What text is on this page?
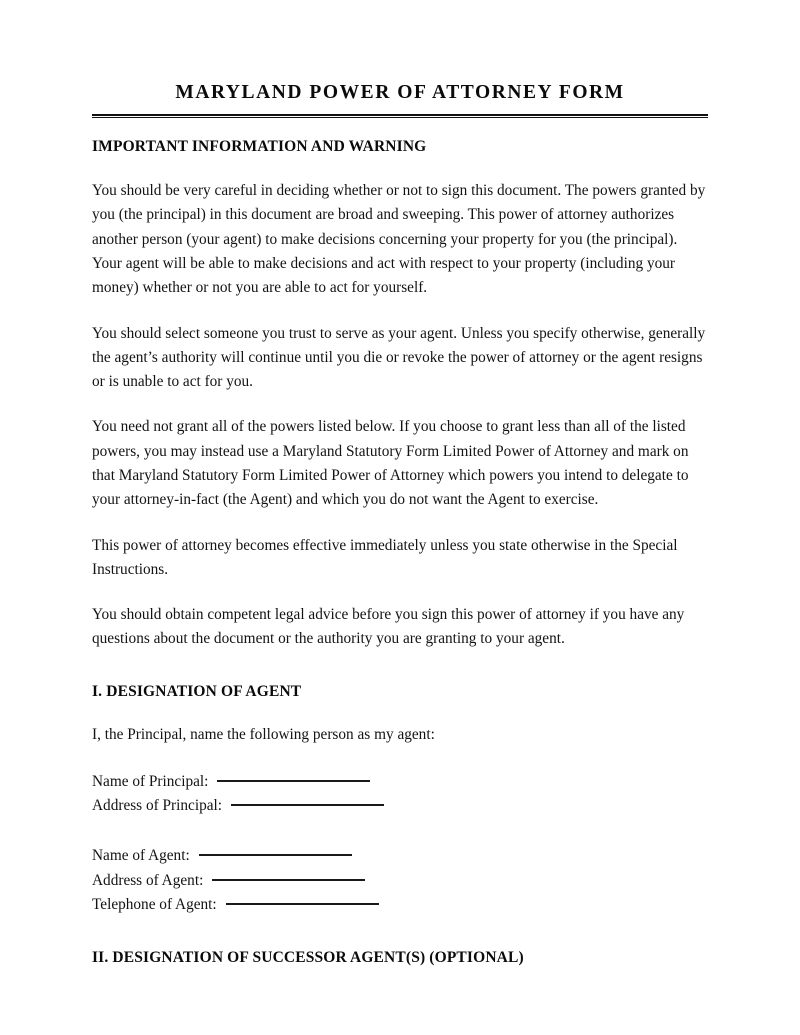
MARYLAND POWER OF ATTORNEY FORM
IMPORTANT INFORMATION AND WARNING

You should be very careful in deciding whether or not to sign this document. The powers granted by you (the principal) in this document are broad and sweeping. This power of attorney authorizes another person (your agent) to make decisions concerning your property for you (the principal). Your agent will be able to make decisions and act with respect to your property (including your money) whether or not you are able to act for yourself.

You should select someone you trust to serve as your agent. Unless you specify otherwise, generally the agent’s authority will continue until you die or revoke the power of attorney or the agent resigns or is unable to act for you.

You need not grant all of the powers listed below. If you choose to grant less than all of the listed powers, you may instead use a Maryland Statutory Form Limited Power of Attorney and mark on that Maryland Statutory Form Limited Power of Attorney which powers you intend to delegate to your attorney-in-fact (the Agent) and which you do not want the Agent to exercise.

This power of attorney becomes effective immediately unless you state otherwise in the Special Instructions.

You should obtain competent legal advice before you sign this power of attorney if you have any questions about the document or the authority you are granting to your agent.

I. DESIGNATION OF AGENT
I, the Principal, name the following person as my agent:
Name of Principal:
Address of Principal:
Name of Agent:
Address of Agent:
Telephone of Agent:
II. DESIGNATION OF SUCCESSOR AGENT(S) (OPTIONAL)
